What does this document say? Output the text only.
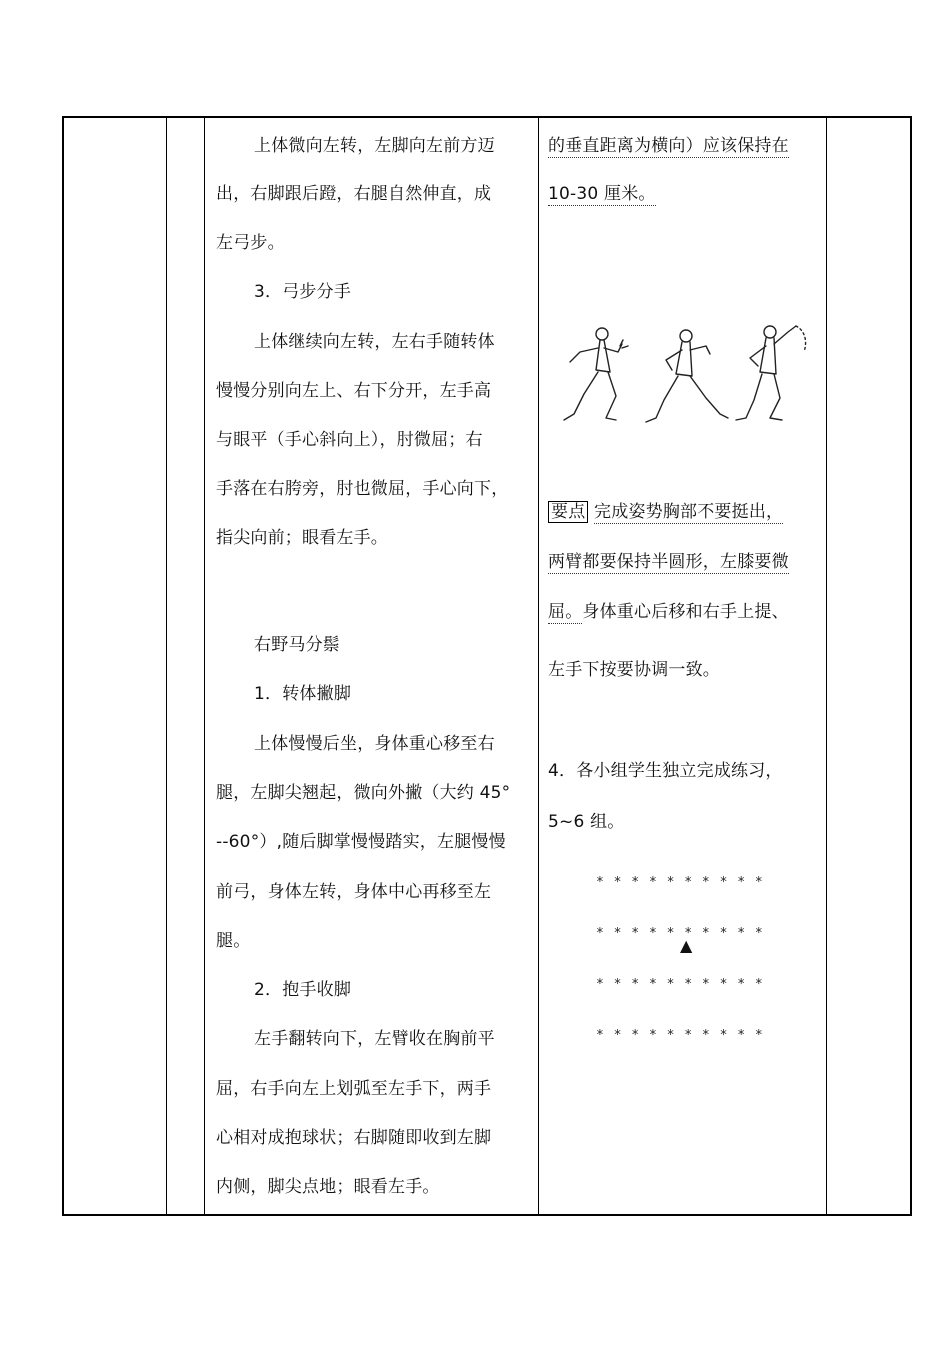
上体微向左转，左脚向左前方迈
出，右脚跟后蹬，右腿自然伸直，成
左弓步。
3．弓步分手
上体继续向左转，左右手随转体
慢慢分别向左上、右下分开，左手高
与眼平（手心斜向上），肘微屈；右
手落在右胯旁，肘也微屈，手心向下，
指尖向前；眼看左手。
右野马分鬃
1．转体撇脚
上体慢慢后坐，身体重心移至右
腿，左脚尖翘起，微向外撇（大约 45°
--60°）,随后脚掌慢慢踏实，左腿慢慢
前弓，身体左转，身体中心再移至左
腿。
2．抱手收脚
左手翻转向下，左臂收在胸前平
屈，右手向左上划弧至左手下，两手
心相对成抱球状；右脚随即收到左脚
内侧，脚尖点地；眼看左手。
的垂直距离为横向）应该保持在
10-30 厘米。
要点 完成姿势胸部不要挺出，
两臂都要保持半圆形，左膝要微
屈。身体重心后移和右手上提、
左手下按要协调一致。
4．各小组学生独立完成练习，
5~6 组。

* * * * * * * * * *

* * * * * * * * * *

* * * * * * * * * *

* * * * * * * * * *

▲
